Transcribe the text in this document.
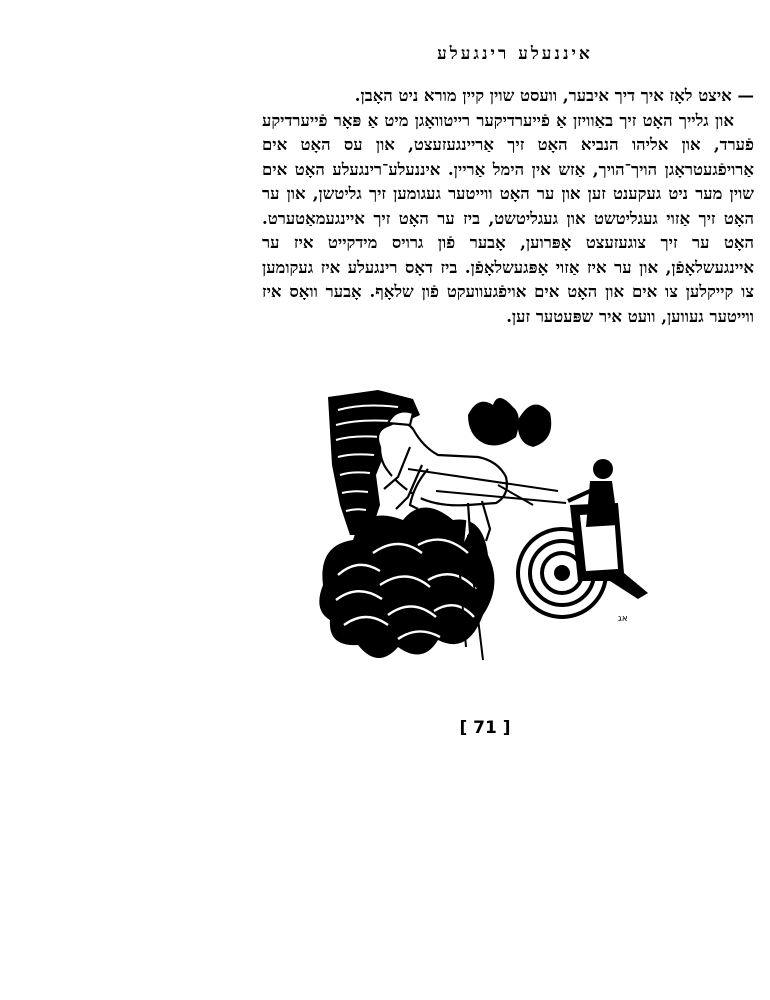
איננעלע רינגעלע

— איצט לאָז איך דיך איבער, וועסט שוין קיין מורא ניט האָבן.

און גלייך האָט זיך באַוויזן אַ פֿייערדיקער רייטוואָגן מיט אַ פּאָר פֿייערדיקע פֿערד, און אליהו הנביא האָט זיך אַריינגעזעצט, און עס האָט אים אַרויפֿגעטראָגן הויך־הויך, אַזש אין הימל אַריין. איננעלע־רינגעלע האָט אים שוין מער ניט געקענט זען און ער האָט ווייטער געגומען זיך גליטשן, און ער האָט זיך אַזוי געגליטשט און געגליטשט, ביז ער האָט זיך איינגעמאַטערט. האָט ער זיך צוגעזעצט אָפּרוען, אָבער פֿון גרויס מידקייט איז ער איינגעשלאָפֿן, און ער איז אַזוי אָפּגעשלאָפֿן. ביז דאָס רינגעלע איז געקומען צו קייקלען צו אים און האָט אים אויפֿגעוועקט פֿון שלאָף. אָבער וואָס איז ווייטער געווען, וועט איר שפּעטער זען.

אג
[ 71 ]
